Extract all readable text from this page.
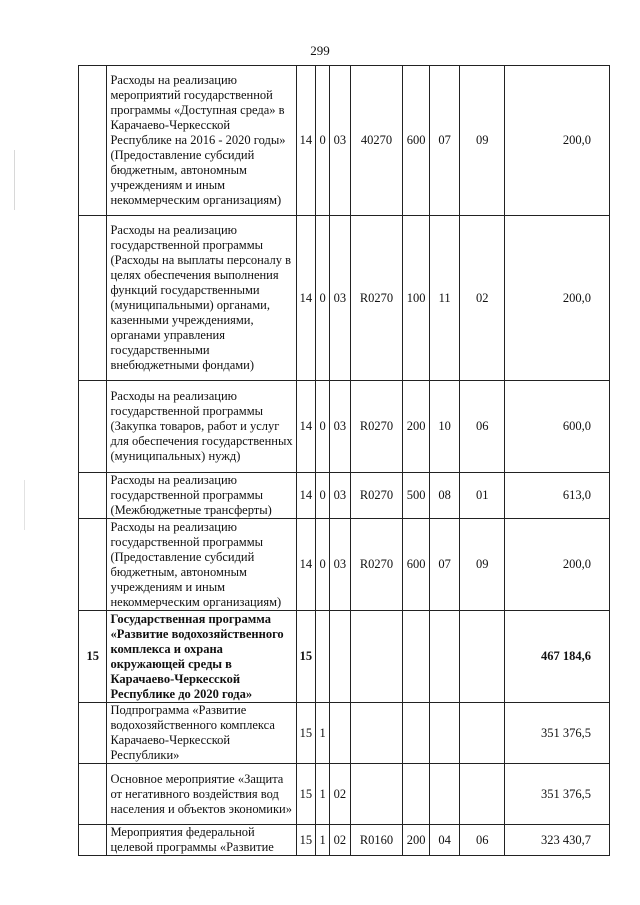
299
	Расходы на реализацию мероприятий государственной программы «Доступная среда» в Карачаево-Черкесской Республике на 2016 - 2020 годы» (Предоставление субсидий бюджетным, автономным учреждениям и иным некоммерческим организациям)	14	0	03	40270	600	07	09	200,0
	Расходы на реализацию государственной программы (Расходы на выплаты персоналу в целях обеспечения выполнения функций государственными (муниципальными) органами, казенными учреждениями, органами управления государственными внебюджетными фондами)	14	0	03	R0270	100	11	02	200,0
	Расходы на реализацию государственной программы (Закупка товаров, работ и услуг для обеспечения государственных (муниципальных) нужд)	14	0	03	R0270	200	10	06	600,0
	Расходы на реализацию государственной программы (Межбюджетные трансферты)	14	0	03	R0270	500	08	01	613,0
	Расходы на реализацию государственной программы (Предоставление субсидий бюджетным, автономным учреждениям и иным некоммерческим организациям)	14	0	03	R0270	600	07	09	200,0
15	Государственная программа «Развитие водохозяйственного комплекса и охрана окружающей среды в Карачаево-Черкесской Республике до 2020 года»	15							467 184,6
	Подпрограмма «Развитие водохозяйственного комплекса Карачаево-Черкесской Республики»	15	1						351 376,5
	Основное мероприятие «Защита от негативного воздействия вод населения и объектов экономики»	15	1	02					351 376,5
	Мероприятия федеральной целевой программы «Развитие	15	1	02	R0160	200	04	06	323 430,7
